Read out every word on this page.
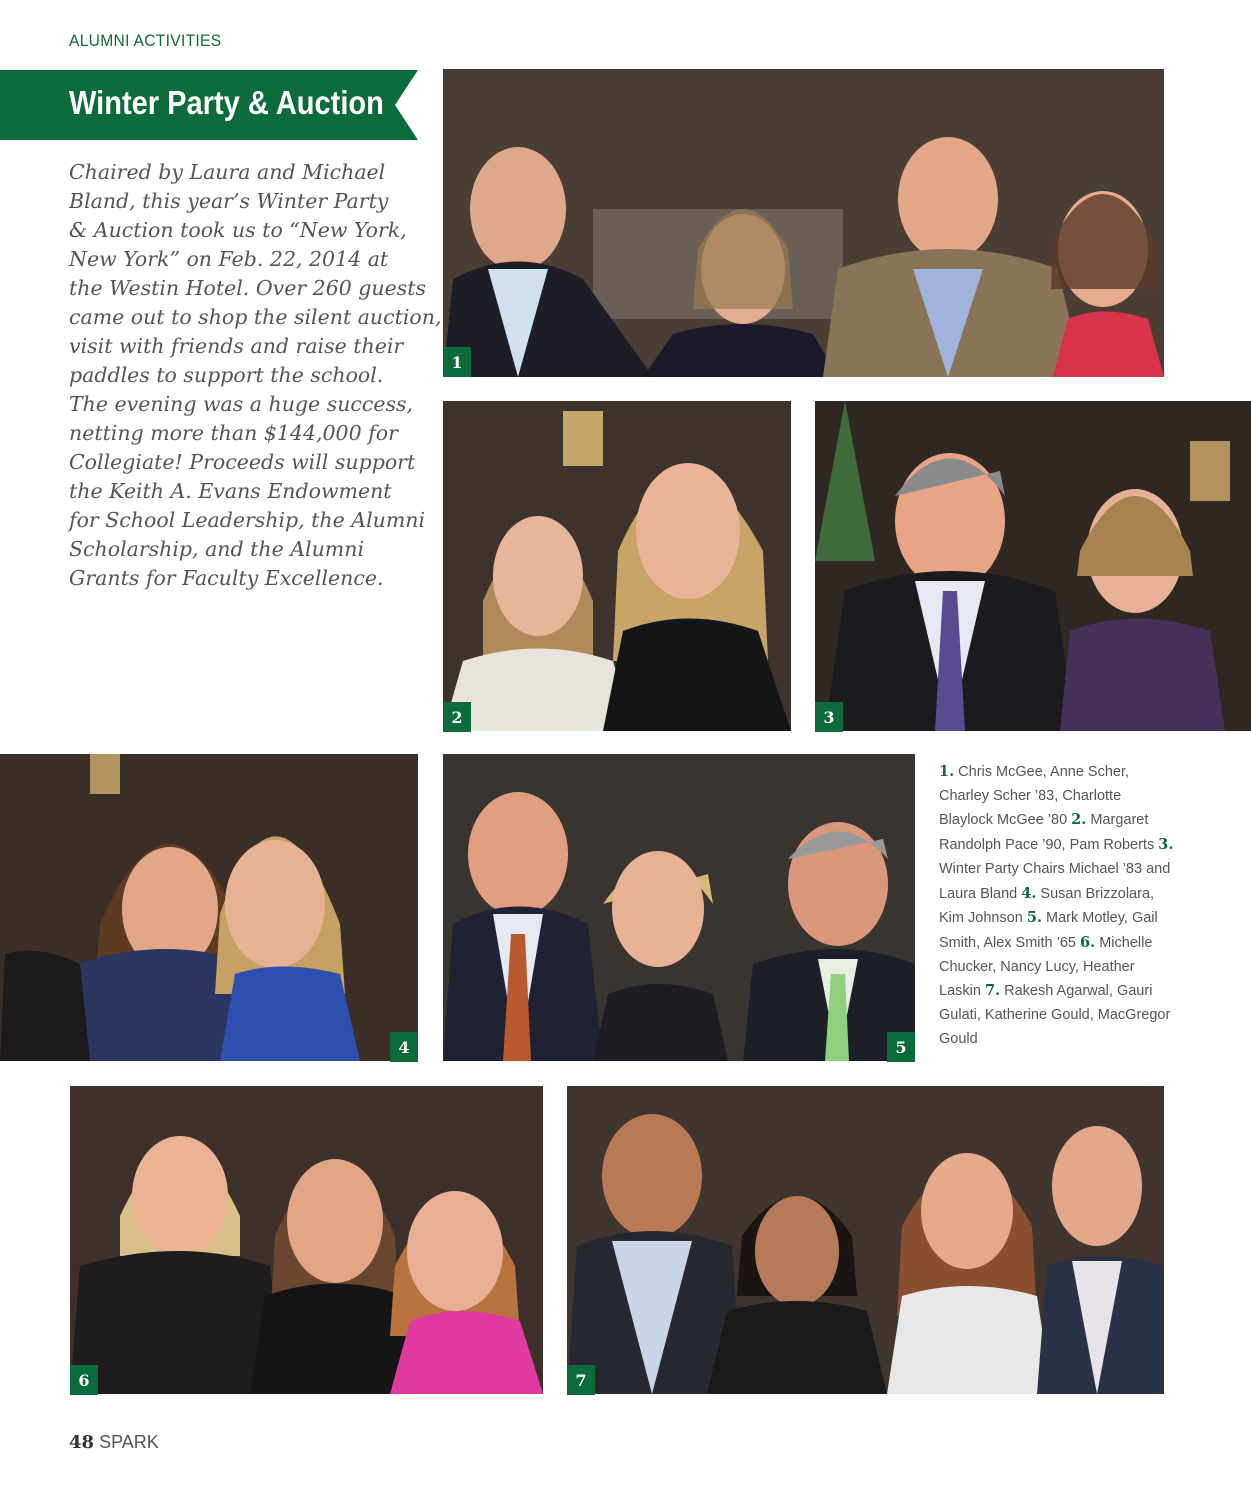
ALUMNI ACTIVITIES
Winter Party & Auction
Chaired by Laura and Michael
Bland, this year’s Winter Party
& Auction took us to “New York,
New York” on Feb. 22, 2014 at
the Westin Hotel. Over 260 guests
came out to shop the silent auction,
visit with friends and raise their
paddles to support the school.
The evening was a huge success,
netting more than $144,000 for
Collegiate! Proceeds will support
the Keith A. Evans Endowment
for School Leadership, the Alumni
Scholarship, and the Alumni
Grants for Faculty Excellence.
1
2	3
4	5
1. Chris McGee, Anne Scher,
Charley Scher ’83, Charlotte
Blaylock McGee ’80 2. Margaret
Randolph Pace ’90, Pam Roberts 3.
Winter Party Chairs Michael ’83 and
Laura Bland 4. Susan Brizzolara,
Kim Johnson 5. Mark Motley, Gail
Smith, Alex Smith ’65 6. Michelle
Chucker, Nancy Lucy, Heather
Laskin 7. Rakesh Agarwal, Gauri
Gulati, Katherine Gould, MacGregor
Gould
6	7
48 SPARK
